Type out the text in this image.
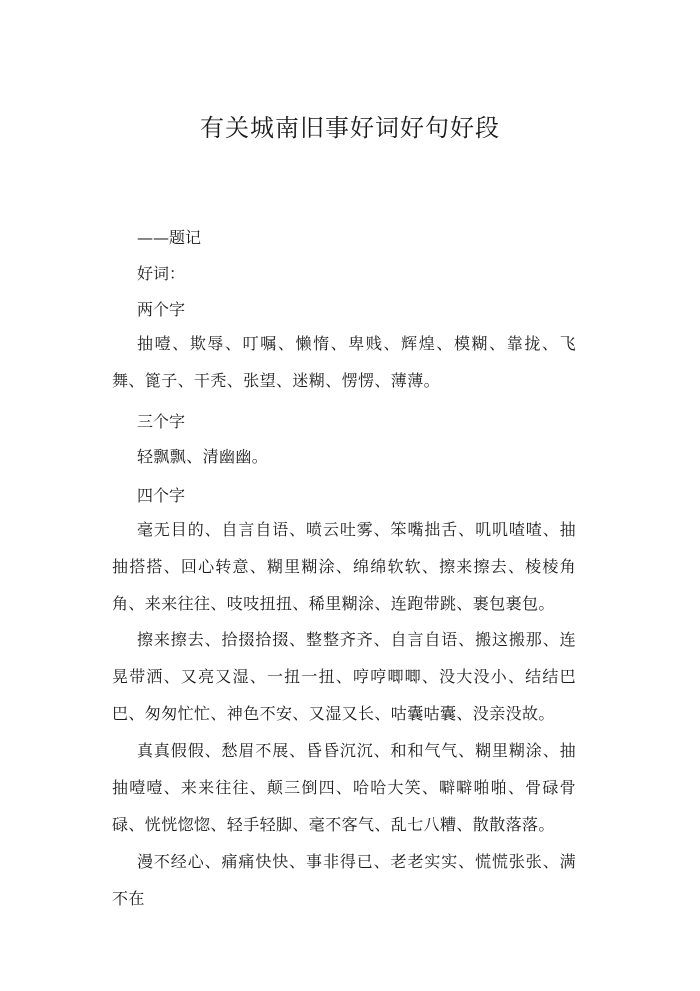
有关城南旧事好词好句好段
——题记
好词：
两个字
抽噎、欺辱、叮嘱、懒惰、卑贱、辉煌、模糊、靠拢、飞舞、篦子、干秃、张望、迷糊、愣愣、薄薄。
三个字
轻飘飘、清幽幽。
四个字
毫无目的、自言自语、喷云吐雾、笨嘴拙舌、叽叽喳喳、抽抽搭搭、回心转意、糊里糊涂、绵绵软软、擦来擦去、棱棱角角、来来往往、吱吱扭扭、稀里糊涂、连跑带跳、裹包裹包。
擦来擦去、拾掇拾掇、整整齐齐、自言自语、搬这搬那、连晃带洒、又亮又湿、一扭一扭、哼哼唧唧、没大没小、结结巴巴、匆匆忙忙、神色不安、又湿又长、咕囊咕囊、没亲没故。
真真假假、愁眉不展、昏昏沉沉、和和气气、糊里糊涂、抽抽噎噎、来来往往、颠三倒四、哈哈大笑、噼噼啪啪、骨碌骨碌、恍恍惚惚、轻手轻脚、毫不客气、乱七八糟、散散落落。
漫不经心、痛痛快快、事非得已、老老实实、慌慌张张、满不在
